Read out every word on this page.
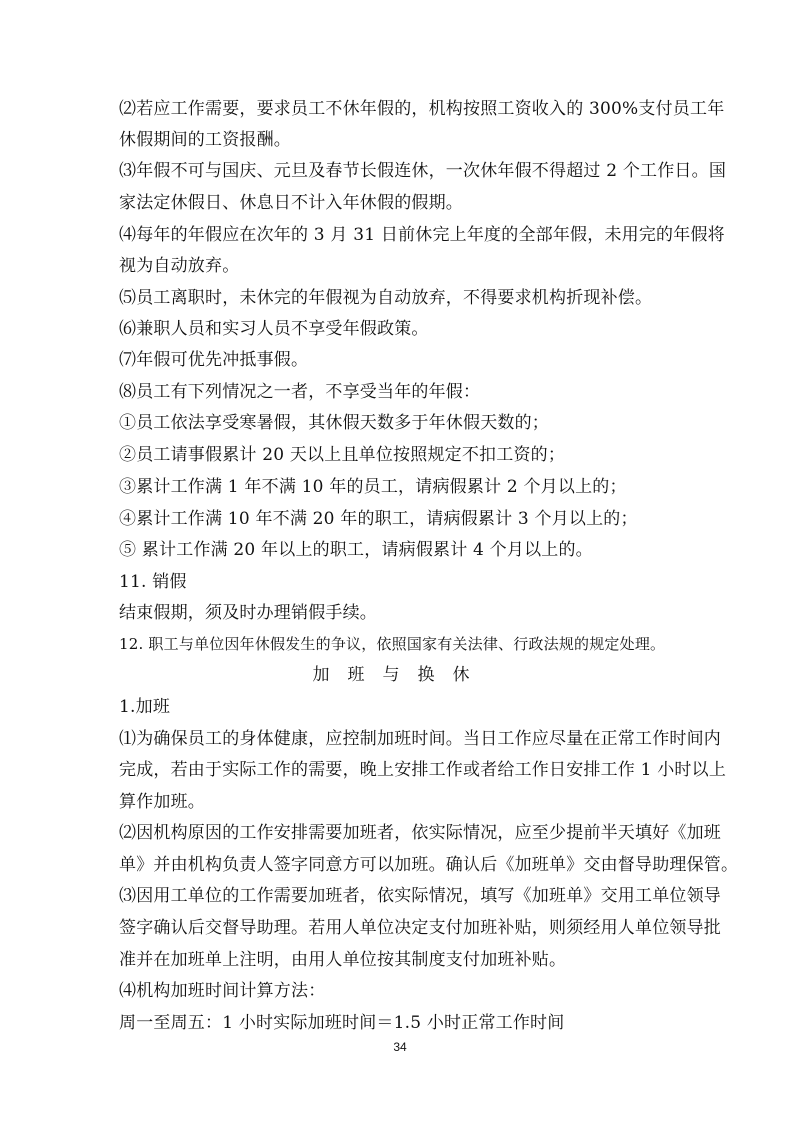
⑵若应工作需要，要求员工不休年假的，机构按照工资收入的 300%支付员工年
休假期间的工资报酬。
⑶年假不可与国庆、元旦及春节长假连休，一次休年假不得超过 2 个工作日。国
家法定休假日、休息日不计入年休假的假期。
⑷每年的年假应在次年的 3 月 31 日前休完上年度的全部年假，未用完的年假将
视为自动放弃。
⑸员工离职时，未休完的年假视为自动放弃，不得要求机构折现补偿。
⑹兼职人员和实习人员不享受年假政策。
⑺年假可优先冲抵事假。
⑻员工有下列情况之一者，不享受当年的年假：
①员工依法享受寒暑假，其休假天数多于年休假天数的；
②员工请事假累计 20 天以上且单位按照规定不扣工资的；
③累计工作满 1 年不满 10 年的员工，请病假累计 2 个月以上的；
④累计工作满 10 年不满 20 年的职工，请病假累计 3 个月以上的；
⑤ 累计工作满 20 年以上的职工，请病假累计 4 个月以上的。
11. 销假
结束假期，须及时办理销假手续。
12. 职工与单位因年休假发生的争议，依照国家有关法律、行政法规的规定处理。
加班与换休
1.加班
⑴为确保员工的身体健康，应控制加班时间。当日工作应尽量在正常工作时间内
完成，若由于实际工作的需要，晚上安排工作或者给工作日安排工作 1 小时以上
算作加班。
⑵因机构原因的工作安排需要加班者，依实际情况，应至少提前半天填好《加班
单》并由机构负责人签字同意方可以加班。确认后《加班单》交由督导助理保管。
⑶因用工单位的工作需要加班者，依实际情况，填写《加班单》交用工单位领导
签字确认后交督导助理。若用人单位决定支付加班补贴，则须经用人单位领导批
准并在加班单上注明，由用人单位按其制度支付加班补贴。
⑷机构加班时间计算方法：
周一至周五：1 小时实际加班时间＝1.5 小时正常工作时间
34
